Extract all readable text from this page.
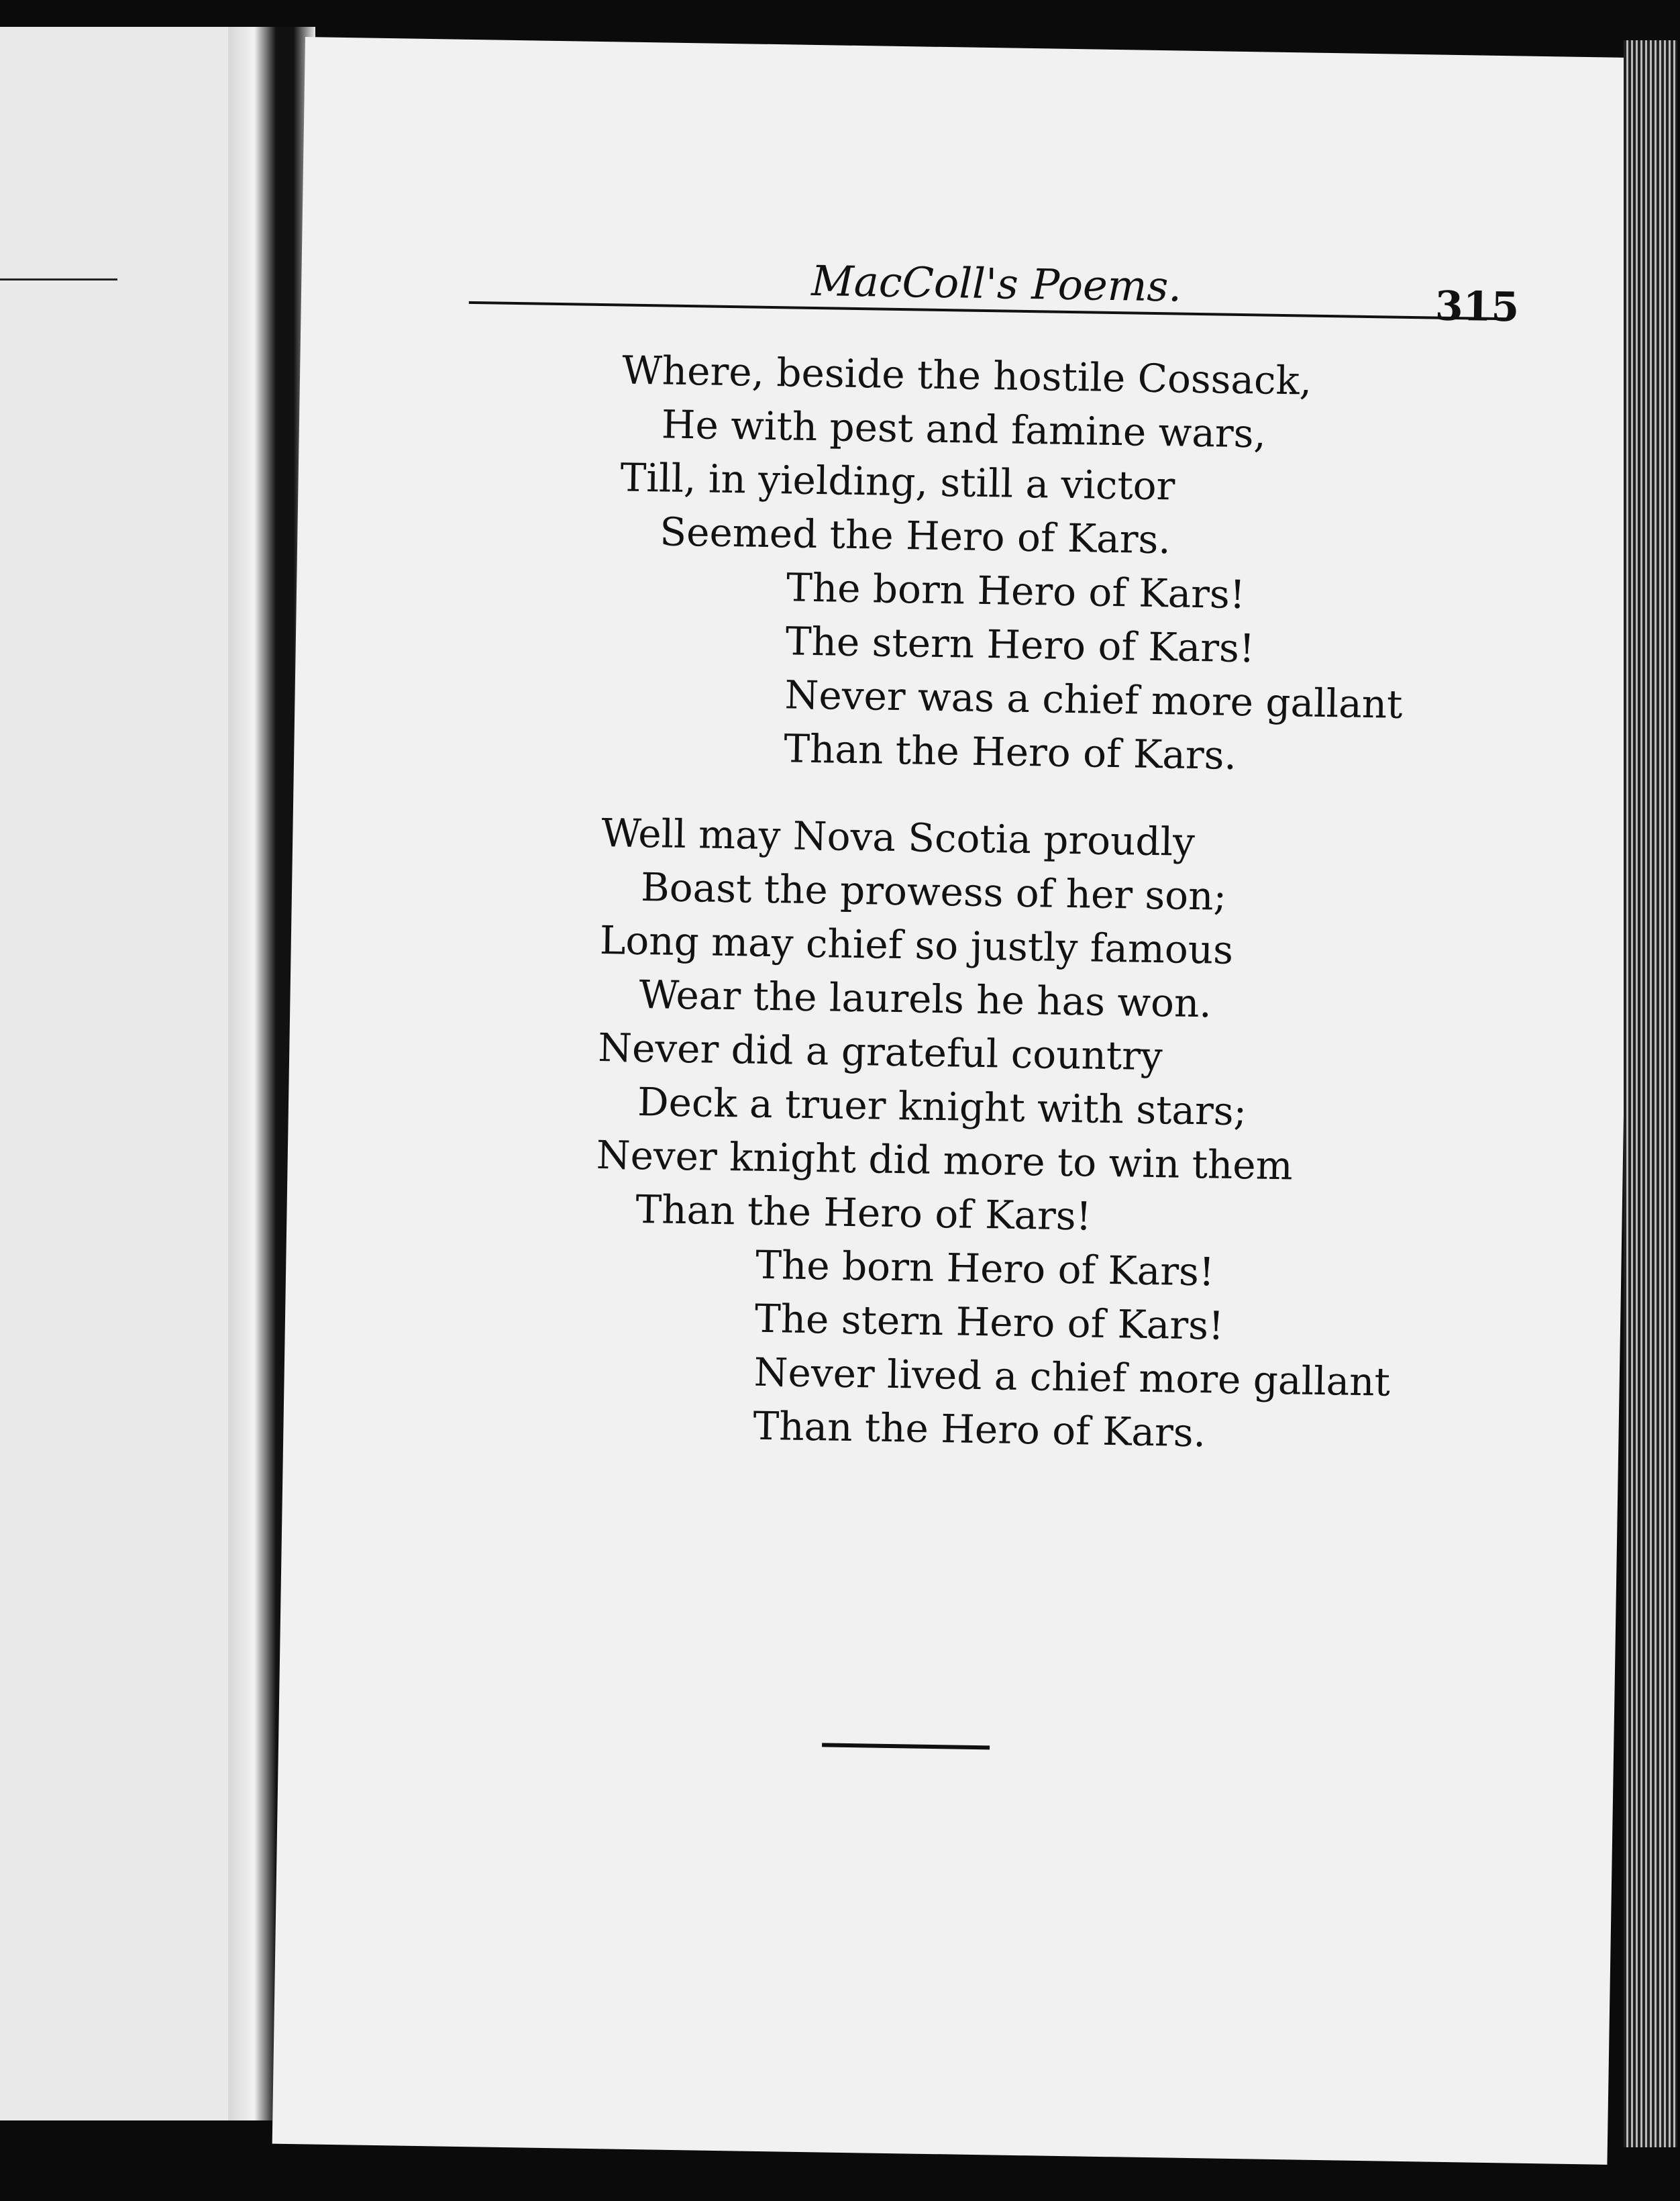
MacColl's Poems.	315
Where, beside the hostile Cossack,
He with pest and famine wars,
Till, in yielding, still a victor
Seemed the Hero of Kars.
The born Hero of Kars!
The stern Hero of Kars!
Never was a chief more gallant
Than the Hero of Kars.
Well may Nova Scotia proudly
Boast the prowess of her son;
Long may chief so justly famous
Wear the laurels he has won.
Never did a grateful country
Deck a truer knight with stars;
Never knight did more to win them
Than the Hero of Kars!
The born Hero of Kars!
The stern Hero of Kars!
Never lived a chief more gallant
Than the Hero of Kars.
